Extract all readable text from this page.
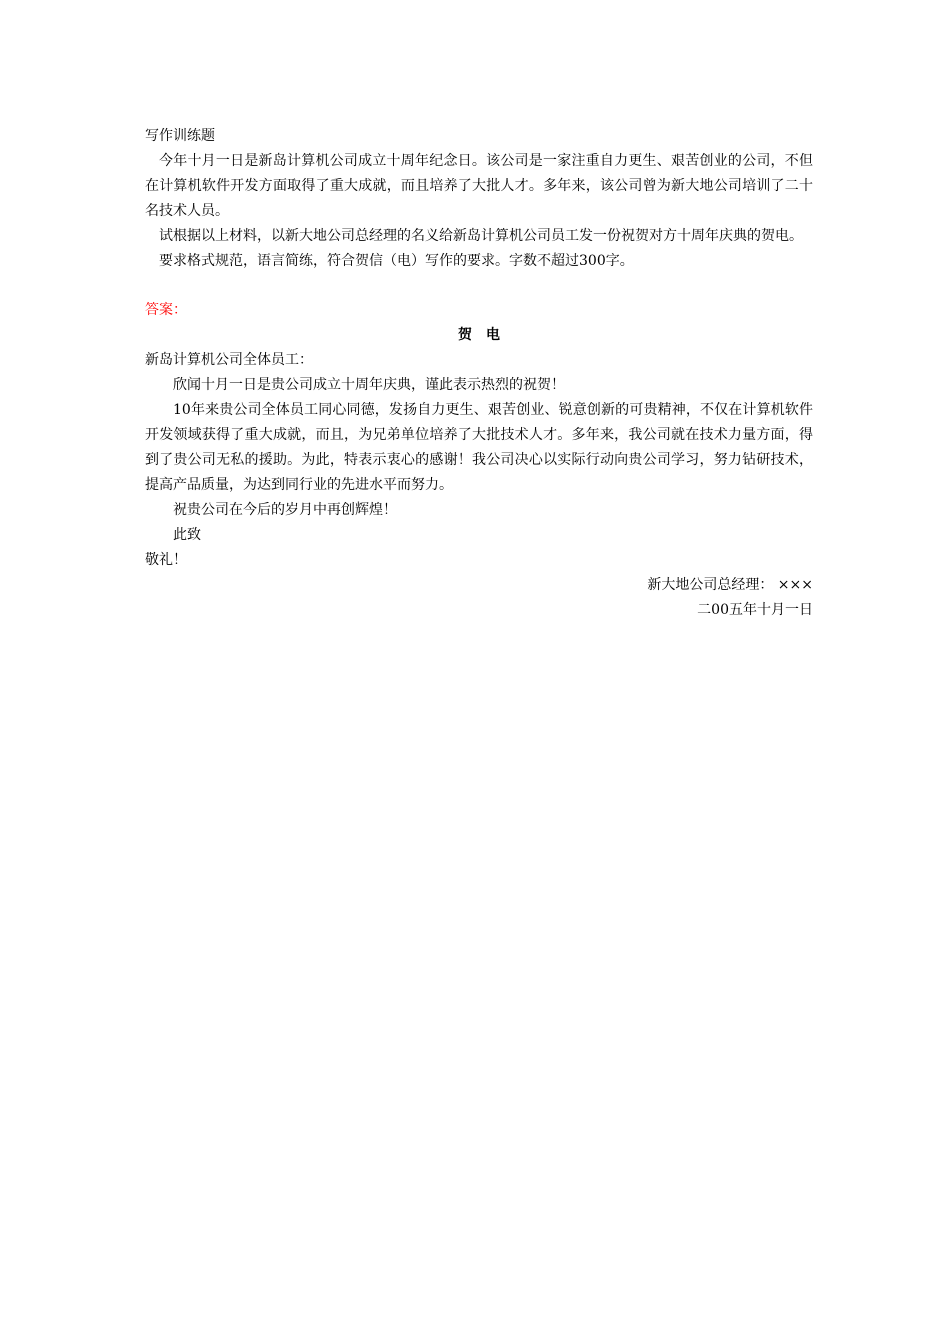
写作训练题
今年十月一日是新岛计算机公司成立十周年纪念日。该公司是一家注重自力更生、艰苦创业的公司，不但在计算机软件开发方面取得了重大成就，而且培养了大批人才。多年来，该公司曾为新大地公司培训了二十名技术人员。
试根据以上材料，以新大地公司总经理的名义给新岛计算机公司员工发一份祝贺对方十周年庆典的贺电。
要求格式规范，语言简练，符合贺信（电）写作的要求。字数不超过300字。
答案：
贺电
新岛计算机公司全体员工：
欣闻十月一日是贵公司成立十周年庆典，谨此表示热烈的祝贺！
10年来贵公司全体员工同心同德，发扬自力更生、艰苦创业、锐意创新的可贵精神，不仅在计算机软件开发领域获得了重大成就，而且，为兄弟单位培养了大批技术人才。多年来，我公司就在技术力量方面，得到了贵公司无私的援助。为此，特表示衷心的感谢！我公司决心以实际行动向贵公司学习，努力钻研技术，提高产品质量，为达到同行业的先进水平而努力。
祝贵公司在今后的岁月中再创辉煌！
此致
敬礼！
新大地公司总经理： ×××
二00五年十月一日
